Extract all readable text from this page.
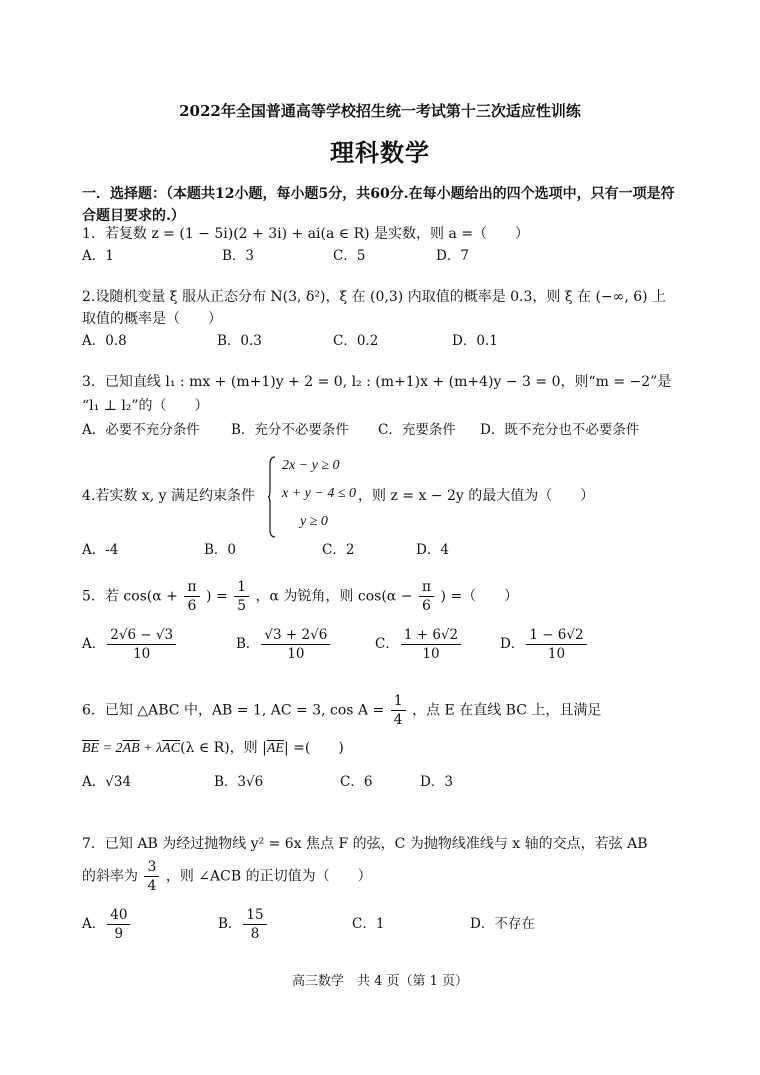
2022年全国普通高等学校招生统一考试第十三次适应性训练
理科数学
一．选择题：（本题共12小题，每小题5分，共60分.在每小题给出的四个选项中，只有一项是符合题目要求的.）
1．若复数 z = (1 − 5i)(2 + 3i) + ai(a ∈ R) 是实数，则 a =（　　）
A．1	B．3	C．5	D．7
2.设随机变量 ξ 服从正态分布 N(3, δ²)，ξ 在 (0,3) 内取值的概率是 0.3，则 ξ 在 (−∞, 6) 上
取值的概率是（　　）
A．0.8	B．0.3	C．0.2	D．0.1
3．已知直线 l₁ : mx + (m+1)y + 2 = 0, l₂ : (m+1)x + (m+4)y − 3 = 0，则“m = −2”是
“l₁ ⊥ l₂”的（　　）
A．必要不充分条件 B．充分不必要条件 C．充要条件 D．既不充分也不必要条件
4.若实数 x, y 满足约束条件
2x − y ≥ 0
x + y − 4 ≤ 0
y ≥ 0
，则 z = x − 2y 的最大值为（　　）
A．-4	B．0	C．2	D．4
5．若 $\cos(\alpha + \frac{\pi}{6}$ ) = $\frac{1}{5}$ ，α 为锐角，则 $\cos(\alpha - \frac{\pi}{6}$ ) =（　　）
A． $\frac{2√6 - √3}{10}$	B． $\frac{√3 + 2√6}{10}$	C． $\frac{1 + 6√2}{10}$	D． $\frac{1 - 6√2}{10}$
6．已知 △ABC 中，AB = 1, AC = 3, $\cos A = \frac{1}{4}$ ，点 E 在直线 BC 上，且满足
$\overline{BE} = 2\overline{AB} + \lambda\overline{AC}(\lambda$ ∈ R)，则 $|\overline{AE}|$ =(　　)
A．√34	B．3√6	C．6	D．3
7．已知 AB 为经过抛物线 y² = 6x 焦点 F 的弦，C 为抛物线准线与 x 轴的交点，若弦 AB
的斜率为 $\frac{3}{4}$ ，则 ∠ACB 的正切值为（　　）
A． $\frac{40}{9}$	B． $\frac{15}{8}$	C．1	D．不存在
高三数学　共 4 页（第 1 页）
